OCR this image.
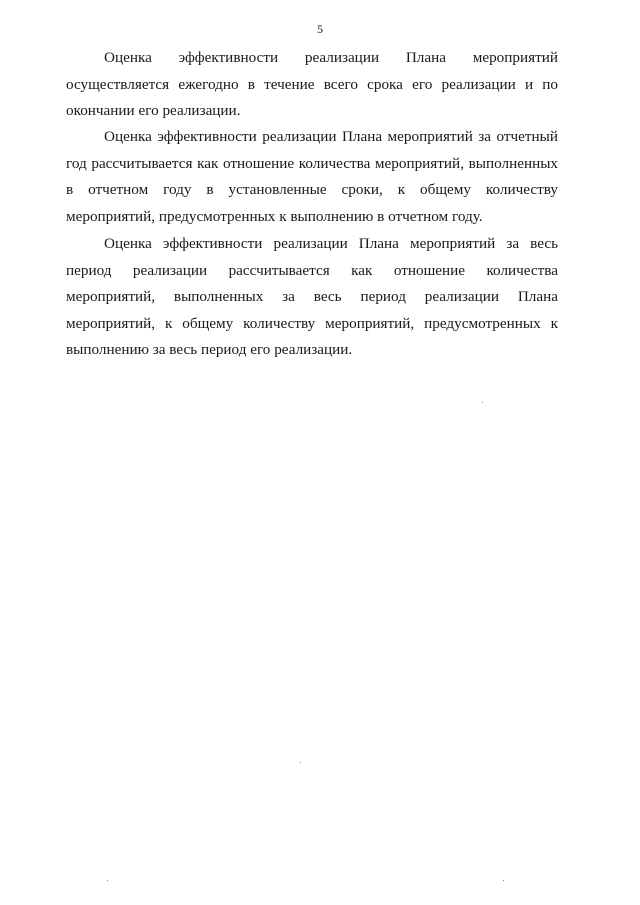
5

Оценка эффективности реализации Плана мероприятий осуществляется ежегодно в течение всего срока его реализации и по окончании его реализации.

Оценка эффективности реализации Плана мероприятий за отчетный год рассчитывается как отношение количества мероприятий, выполненных в отчетном году в установленные сроки, к общему количеству мероприятий, предусмотренных к выполнению в отчетном году.

Оценка эффективности реализации Плана мероприятий за весь период реализации рассчитывается как отношение количества мероприятий, выполненных за весь период реализации Плана мероприятий, к общему количеству мероприятий, предусмотренных к выполнению за весь период его реализации.
